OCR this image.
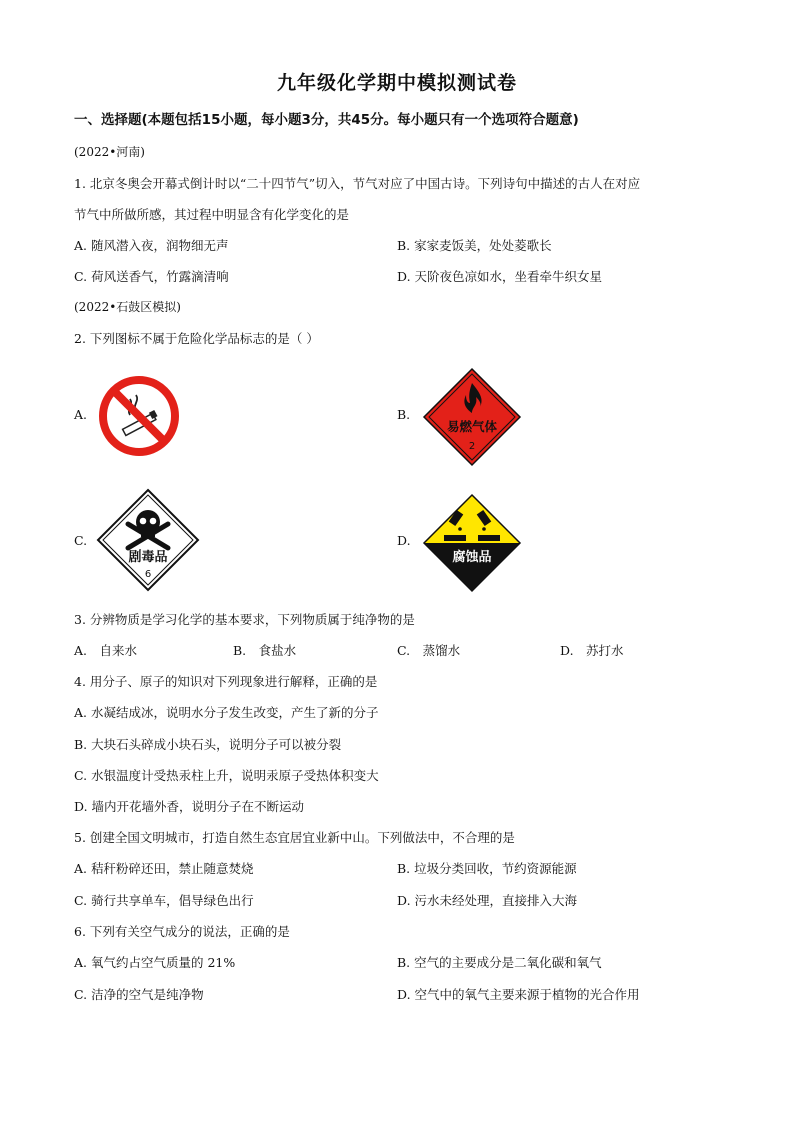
九年级化学期中模拟测试卷
一、选择题(本题包括15小题，每小题3分，共45分。每小题只有一个选项符合题意)
(2022•河南)
1. 北京冬奥会开幕式倒计时以“二十四节气”切入，节气对应了中国古诗。下列诗句中描述的古人在对应
节气中所做所感，其过程中明显含有化学变化的是
A. 随风潜入夜，润物细无声	B. 家家麦饭美，处处菱歌长
C. 荷风送香气，竹露滴清响	D. 天阶夜色凉如水，坐看牵牛织女星
(2022•石鼓区模拟)
2. 下列图标不属于危险化学品标志的是（ ）
A.	B.
易燃气体
2
C.
剧毒品
6
D.
腐蚀品
3. 分辨物质是学习化学的基本要求，下列物质属于纯净物的是
A.　自来水	B.　食盐水	C.　蒸馏水	D.　苏打水
4. 用分子、原子的知识对下列现象进行解释，正确的是
A. 水凝结成冰，说明水分子发生改变，产生了新的分子
B. 大块石头碎成小块石头，说明分子可以被分裂
C. 水银温度计受热汞柱上升，说明汞原子受热体积变大
D. 墙内开花墙外香，说明分子在不断运动
5. 创建全国文明城市，打造自然生态宜居宜业新中山。下列做法中，不合理的是
A. 秸秆粉碎还田，禁止随意焚烧	B. 垃圾分类回收，节约资源能源
C. 骑行共享单车，倡导绿色出行	D. 污水未经处理，直接排入大海
6. 下列有关空气成分的说法，正确的是
A. 氧气约占空气质量的 21%	B. 空气的主要成分是二氧化碳和氧气
C. 洁净的空气是纯净物	D. 空气中的氧气主要来源于植物的光合作用
